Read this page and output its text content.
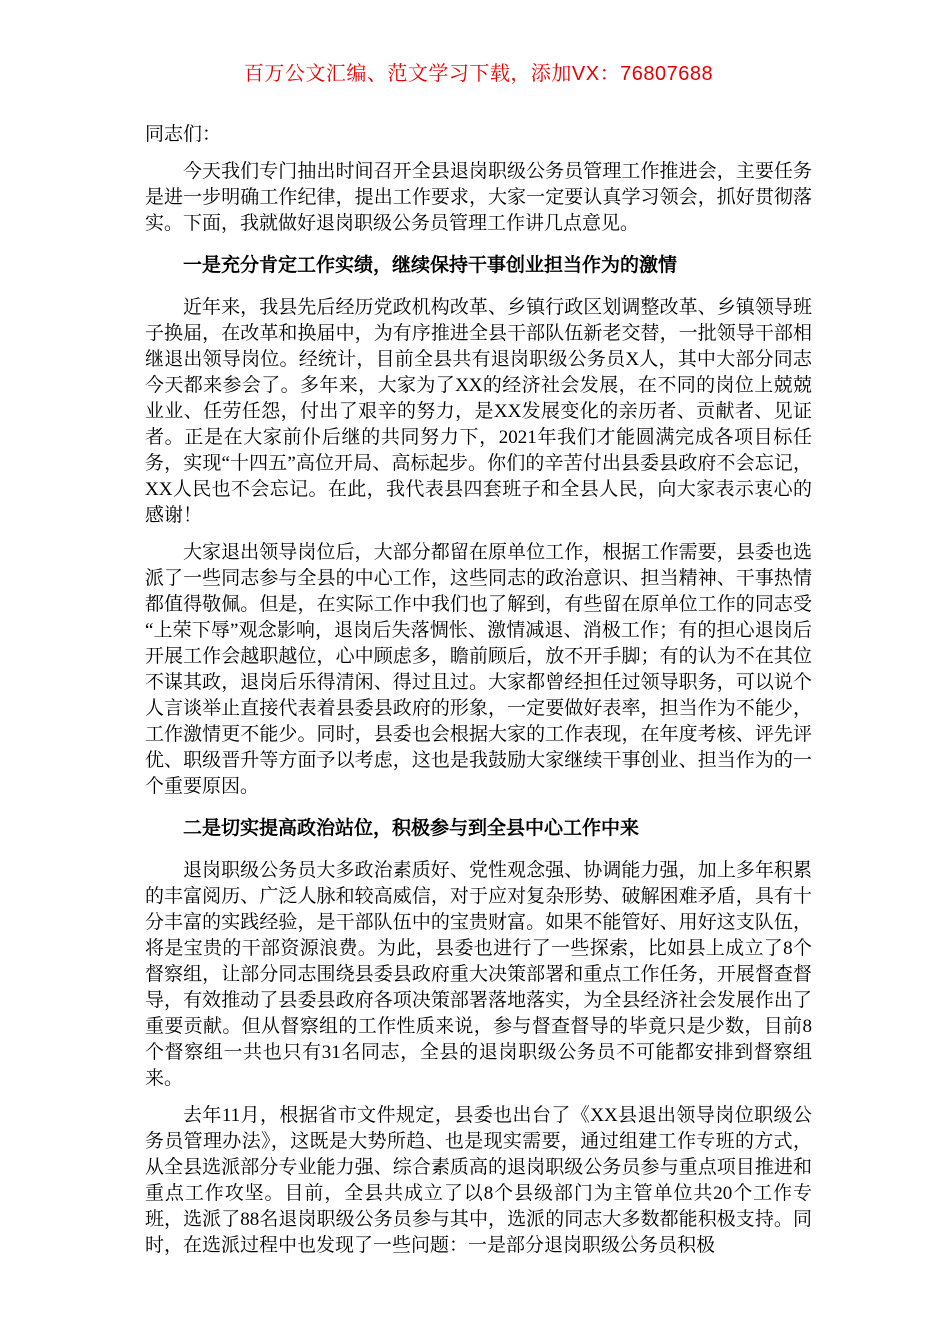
百万公文汇编、范文学习下载，添加VX：76807688

同志们：

今天我们专门抽出时间召开全县退岗职级公务员管理工作推进会，主要任务是进一步明确工作纪律，提出工作要求，大家一定要认真学习领会，抓好贯彻落实。下面，我就做好退岗职级公务员管理工作讲几点意见。

一是充分肯定工作实绩，继续保持干事创业担当作为的激情

近年来，我县先后经历党政机构改革、乡镇行政区划调整改革、乡镇领导班子换届，在改革和换届中，为有序推进全县干部队伍新老交替，一批领导干部相继退出领导岗位。经统计，目前全县共有退岗职级公务员X人，其中大部分同志今天都来参会了。多年来，大家为了XX的经济社会发展，在不同的岗位上兢兢业业、任劳任怨，付出了艰辛的努力，是XX发展变化的亲历者、贡献者、见证者。正是在大家前仆后继的共同努力下，2021年我们才能圆满完成各项目标任务，实现“十四五”高位开局、高标起步。你们的辛苦付出县委县政府不会忘记，XX人民也不会忘记。在此，我代表县四套班子和全县人民，向大家表示衷心的感谢！

大家退出领导岗位后，大部分都留在原单位工作，根据工作需要，县委也选派了一些同志参与全县的中心工作，这些同志的政治意识、担当精神、干事热情都值得敬佩。但是，在实际工作中我们也了解到，有些留在原单位工作的同志受“上荣下辱”观念影响，退岗后失落惆怅、激情减退、消极工作；有的担心退岗后开展工作会越职越位，心中顾虑多，瞻前顾后，放不开手脚；有的认为不在其位不谋其政，退岗后乐得清闲、得过且过。大家都曾经担任过领导职务，可以说个人言谈举止直接代表着县委县政府的形象，一定要做好表率，担当作为不能少，工作激情更不能少。同时，县委也会根据大家的工作表现，在年度考核、评先评优、职级晋升等方面予以考虑，这也是我鼓励大家继续干事创业、担当作为的一个重要原因。

二是切实提高政治站位，积极参与到全县中心工作中来

退岗职级公务员大多政治素质好、党性观念强、协调能力强，加上多年积累的丰富阅历、广泛人脉和较高威信，对于应对复杂形势、破解困难矛盾，具有十分丰富的实践经验，是干部队伍中的宝贵财富。如果不能管好、用好这支队伍，将是宝贵的干部资源浪费。为此，县委也进行了一些探索，比如县上成立了8个督察组，让部分同志围绕县委县政府重大决策部署和重点工作任务，开展督查督导，有效推动了县委县政府各项决策部署落地落实，为全县经济社会发展作出了重要贡献。但从督察组的工作性质来说，参与督查督导的毕竟只是少数，目前8个督察组一共也只有31名同志，全县的退岗职级公务员不可能都安排到督察组来。

去年11月，根据省市文件规定，县委也出台了《XX县退出领导岗位职级公务员管理办法》，这既是大势所趋、也是现实需要，通过组建工作专班的方式，从全县选派部分专业能力强、综合素质高的退岗职级公务员参与重点项目推进和重点工作攻坚。目前，全县共成立了以8个县级部门为主管单位共20个工作专班，选派了88名退岗职级公务员参与其中，选派的同志大多数都能积极支持。同时，在选派过程中也发现了一些问题：一是部分退岗职级公务员积极
